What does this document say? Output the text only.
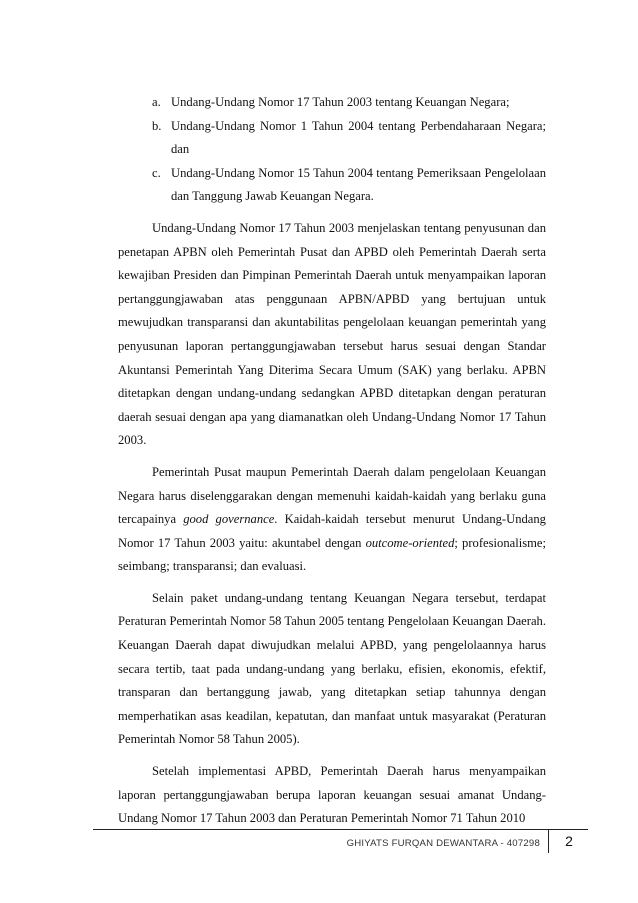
a. Undang-Undang Nomor 17 Tahun 2003 tentang Keuangan Negara;
b. Undang-Undang Nomor 1 Tahun 2004 tentang Perbendaharaan Negara; dan
c. Undang-Undang Nomor 15 Tahun 2004 tentang Pemeriksaan Pengelolaan dan Tanggung Jawab Keuangan Negara.

Undang-Undang Nomor 17 Tahun 2003 menjelaskan tentang penyusunan dan penetapan APBN oleh Pemerintah Pusat dan APBD oleh Pemerintah Daerah serta kewajiban Presiden dan Pimpinan Pemerintah Daerah untuk menyampaikan laporan pertanggungjawaban atas penggunaan APBN/APBD yang bertujuan untuk mewujudkan transparansi dan akuntabilitas pengelolaan keuangan pemerintah yang penyusunan laporan pertanggungjawaban tersebut harus sesuai dengan Standar Akuntansi Pemerintah Yang Diterima Secara Umum (SAK) yang berlaku. APBN ditetapkan dengan undang-undang sedangkan APBD ditetapkan dengan peraturan daerah sesuai dengan apa yang diamanatkan oleh Undang-Undang Nomor 17 Tahun 2003.

Pemerintah Pusat maupun Pemerintah Daerah dalam pengelolaan Keuangan Negara harus diselenggarakan dengan memenuhi kaidah-kaidah yang berlaku guna tercapainya good governance. Kaidah-kaidah tersebut menurut Undang-Undang Nomor 17 Tahun 2003 yaitu: akuntabel dengan outcome-oriented; profesionalisme; seimbang; transparansi; dan evaluasi.

Selain paket undang-undang tentang Keuangan Negara tersebut, terdapat Peraturan Pemerintah Nomor 58 Tahun 2005 tentang Pengelolaan Keuangan Daerah. Keuangan Daerah dapat diwujudkan melalui APBD, yang pengelolaannya harus secara tertib, taat pada undang-undang yang berlaku, efisien, ekonomis, efektif, transparan dan bertanggung jawab, yang ditetapkan setiap tahunnya dengan memperhatikan asas keadilan, kepatutan, dan manfaat untuk masyarakat (Peraturan Pemerintah Nomor 58 Tahun 2005).

Setelah implementasi APBD, Pemerintah Daerah harus menyampaikan laporan pertanggungjawaban berupa laporan keuangan sesuai amanat Undang-Undang Nomor 17 Tahun 2003 dan Peraturan Pemerintah Nomor 71 Tahun 2010

GHIYATS FURQAN DEWANTARA - 407298	2
